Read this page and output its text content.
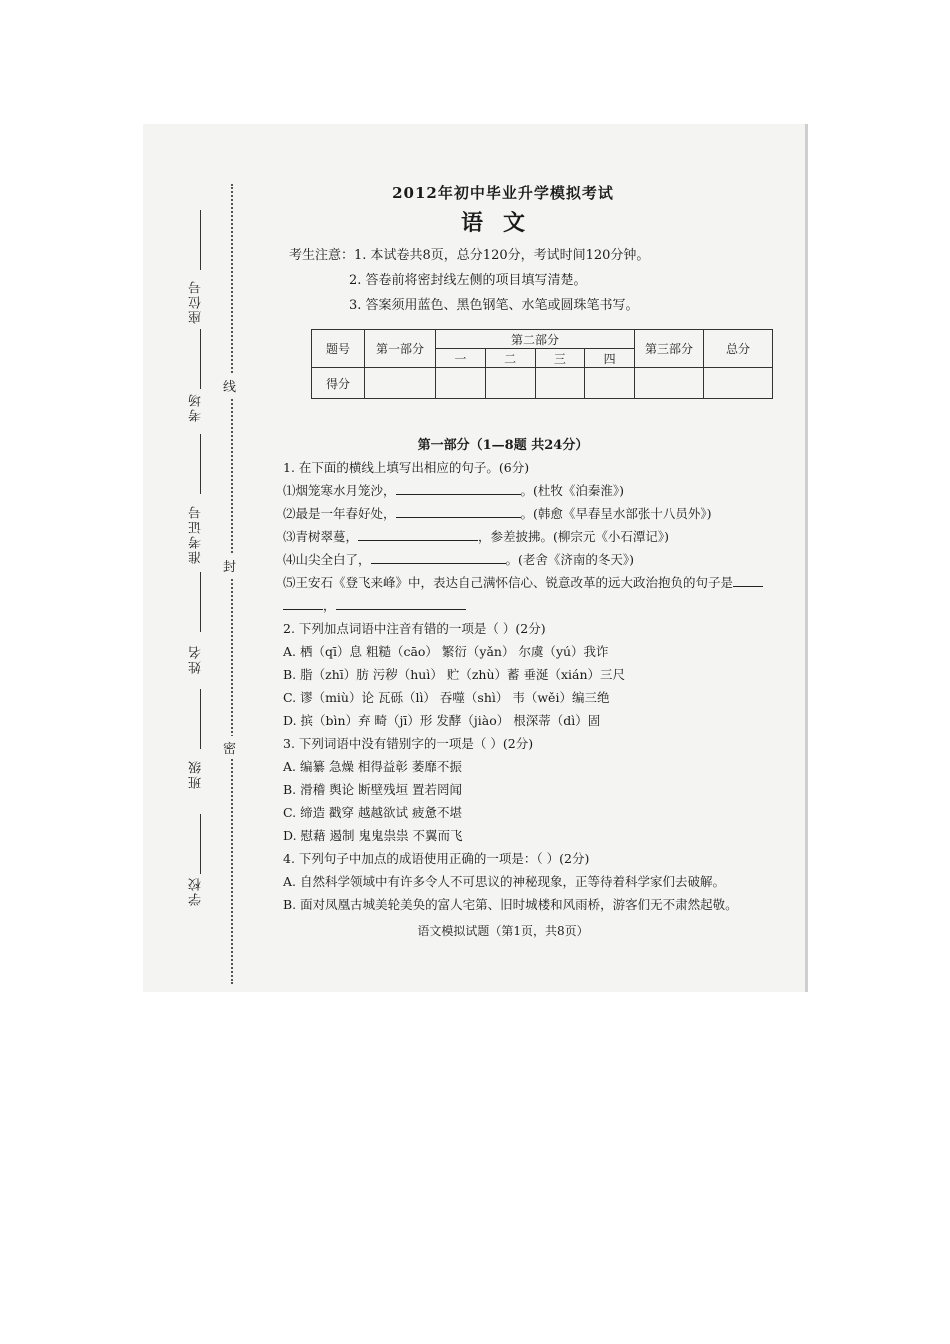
座位号
考场
准考证号
姓名
班级
学校
线
封
密
2012年初中毕业升学模拟考试
语文
考生注意：1. 本试卷共8页，总分120分，考试时间120分钟。
2. 答卷前将密封线左侧的项目填写清楚。
3. 答案须用蓝色、黑色钢笔、水笔或圆珠笔书写。
题号	第一部分	第二部分				第三部分	总分
		一	二	三	四		
得分							
第一部分（1—8题 共24分）
1. 在下面的横线上填写出相应的句子。(6分)
⑴烟笼寒水月笼沙，	。(杜牧《泊秦淮》)
⑵最是一年春好处，	。(韩愈《早春呈水部张十八员外》)
⑶青树翠蔓，	，参差披拂。(柳宗元《小石潭记》)
⑷山尖全白了，	。(老舍《济南的冬天》)
⑸王安石《登飞来峰》中，表达自己满怀信心、锐意改革的远大政治抱负的句子是
，
2. 下列加点词语中注音有错的一项是（ ）(2分)
A. 栖（qī）息 粗糙（cāo） 繁衍（yǎn） 尔虞（yú）我诈
B. 脂（zhī）肪 污秽（huì） 贮（zhù）蓄 垂涎（xián）三尺
C. 谬（miù）论 瓦砾（lì） 吞噬（shì） 韦（wěi）编三绝
D. 摈（bìn）弃 畸（jī）形 发酵（jiào） 根深蒂（dì）固
3. 下列词语中没有错别字的一项是（ ）(2分)
A. 编纂 急燥 相得益彰 萎靡不振
B. 滑稽 舆论 断壁残垣 置若罔闻
C. 缔造 戳穿 越越欲试 疲惫不堪
D. 慰藉 遏制 鬼鬼祟祟 不翼而飞
4. 下列句子中加点的成语使用正确的一项是：（ ）(2分)
A. 自然科学领域中有许多令人不可思议的神秘现象，正等待着科学家们去破解。
B. 面对凤凰古城美轮美奂的富人宅第、旧时城楼和风雨桥，游客们无不肃然起敬。
语文模拟试题（第1页，共8页）
